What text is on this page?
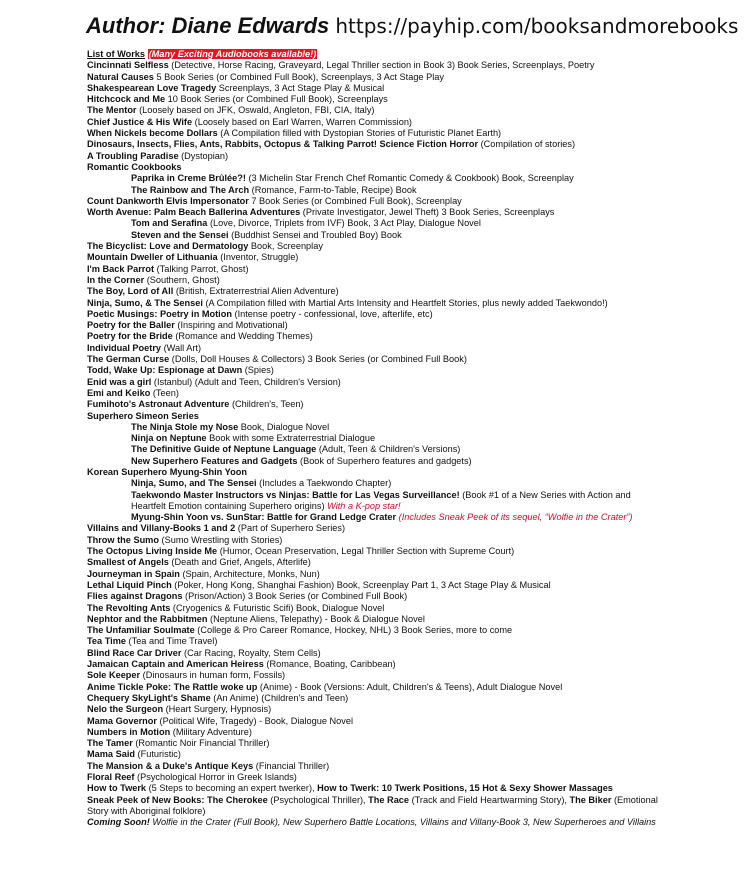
Author: Diane Edwards https://payhip.com/booksandmorebooks
List of Works (Many Exciting Audiobooks available!)
Cincinnati Selfless (Detective, Horse Racing, Graveyard, Legal Thriller section in Book 3) Book Series, Screenplays, Poetry
Natural Causes 5 Book Series (or Combined Full Book), Screenplays, 3 Act Stage Play
Shakespearean Love Tragedy Screenplays, 3 Act Stage Play & Musical
Hitchcock and Me 10 Book Series (or Combined Full Book), Screenplays
The Mentor (Loosely based on JFK, Oswald, Angleton, FBI, CIA, Italy)
Chief Justice & His Wife (Loosely based on Earl Warren, Warren Commission)
When Nickels become Dollars (A Compilation filled with Dystopian Stories of Futuristic Planet Earth)
Dinosaurs, Insects, Flies, Ants, Rabbits, Octopus & Talking Parrot! Science Fiction Horror (Compilation of stories)
A Troubling Paradise (Dystopian)
Romantic Cookbooks
Paprika in Creme Brûlée?! (3 Michelin Star French Chef Romantic Comedy & Cookbook) Book, Screenplay
The Rainbow and The Arch (Romance, Farm-to-Table, Recipe) Book
Count Dankworth Elvis Impersonator 7 Book Series (or Combined Full Book), Screenplay
Worth Avenue: Palm Beach Ballerina Adventures (Private Investigator, Jewel Theft) 3 Book Series, Screenplays
Tom and Serafina (Love, Divorce, Triplets from IVF) Book, 3 Act Play, Dialogue Novel
Steven and the Sensei (Buddhist Sensei and Troubled Boy) Book
The Bicyclist: Love and Dermatology Book, Screenplay
Mountain Dweller of Lithuania (Inventor, Struggle)
I'm Back Parrot (Talking Parrot, Ghost)
In the Corner (Southern, Ghost)
The Boy, Lord of All (British, Extraterrestrial Alien Adventure)
Ninja, Sumo, & The Sensei (A Compilation filled with Martial Arts Intensity and Heartfelt Stories, plus newly added Taekwondo!)
Poetic Musings: Poetry in Motion (Intense poetry - confessional, love, afterlife, etc)
Poetry for the Baller (Inspiring and Motivational)
Poetry for the Bride (Romance and Wedding Themes)
Individual Poetry (Wall Art)
The German Curse (Dolls, Doll Houses & Collectors) 3 Book Series (or Combined Full Book)
Todd, Wake Up: Espionage at Dawn (Spies)
Enid was a girl (Istanbul) (Adult and Teen, Children's Version)
Emi and Keiko (Teen)
Fumihoto's Astronaut Adventure (Children's, Teen)
Superhero Simeon Series
The Ninja Stole my Nose Book, Dialogue Novel
Ninja on Neptune Book with some Extraterrestrial Dialogue
The Definitive Guide of Neptune Language (Adult, Teen & Children's Versions)
New Superhero Features and Gadgets (Book of Superhero features and gadgets)
Korean Superhero Myung-Shin Yoon
Ninja, Sumo, and The Sensei (Includes a Taekwondo Chapter)
Taekwondo Master Instructors vs Ninjas: Battle for Las Vegas Surveillance! (Book #1 of a New Series with Action and Heartfelt Emotion containing Superhero origins) With a K-pop star!
Myung-Shin Yoon vs. SunStar: Battle for Grand Ledge Crater (Includes Sneak Peek of its sequel, “Wolfie in the Crater”)
Villains and Villany-Books 1 and 2 (Part of Superhero Series)
Throw the Sumo (Sumo Wrestling with Stories)
The Octopus Living Inside Me (Humor, Ocean Preservation, Legal Thriller Section with Supreme Court)
Smallest of Angels (Death and Grief, Angels, Afterlife)
Journeyman in Spain (Spain, Architecture, Monks, Nun)
Lethal Liquid Pinch (Poker, Hong Kong, Shanghai Fashion) Book, Screenplay Part 1, 3 Act Stage Play & Musical
Flies against Dragons (Prison/Action) 3 Book Series (or Combined Full Book)
The Revolting Ants (Cryogenics & Futuristic Scifi) Book, Dialogue Novel
Nephtor and the Rabbitmen (Neptune Aliens, Telepathy) - Book & Dialogue Novel
The Unfamiliar Soulmate (College & Pro Career Romance, Hockey, NHL) 3 Book Series, more to come
Tea Time (Tea and Time Travel)
Blind Race Car Driver (Car Racing, Royalty, Stem Cells)
Jamaican Captain and American Heiress (Romance, Boating, Caribbean)
Sole Keeper (Dinosaurs in human form, Fossils)
Anime Tickle Poke: The Rattle woke up (Anime) - Book (Versions: Adult, Children's & Teens), Adult Dialogue Novel
Chequery SkyLight's Shame (An Anime) (Children's and Teen)
Nelo the Surgeon (Heart Surgery, Hypnosis)
Mama Governor (Political Wife, Tragedy) - Book, Dialogue Novel
Numbers in Motion (Military Adventure)
The Tamer (Romantic Noir Financial Thriller)
Mama Said (Futuristic)
The Mansion & a Duke's Antique Keys (Financial Thriller)
Floral Reef (Psychological Horror in Greek Islands)
How to Twerk (5 Steps to becoming an expert twerker), How to Twerk: 10 Twerk Positions, 15 Hot & Sexy Shower Massages
Sneak Peek of New Books: The Cherokee (Psychological Thriller), The Race (Track and Field Heartwarming Story), The Biker (Emotional Story with Aboriginal folklore)
Coming Soon! Wolfie in the Crater (Full Book), New Superhero Battle Locations, Villains and Villany-Book 3, New Superheroes and Villains
